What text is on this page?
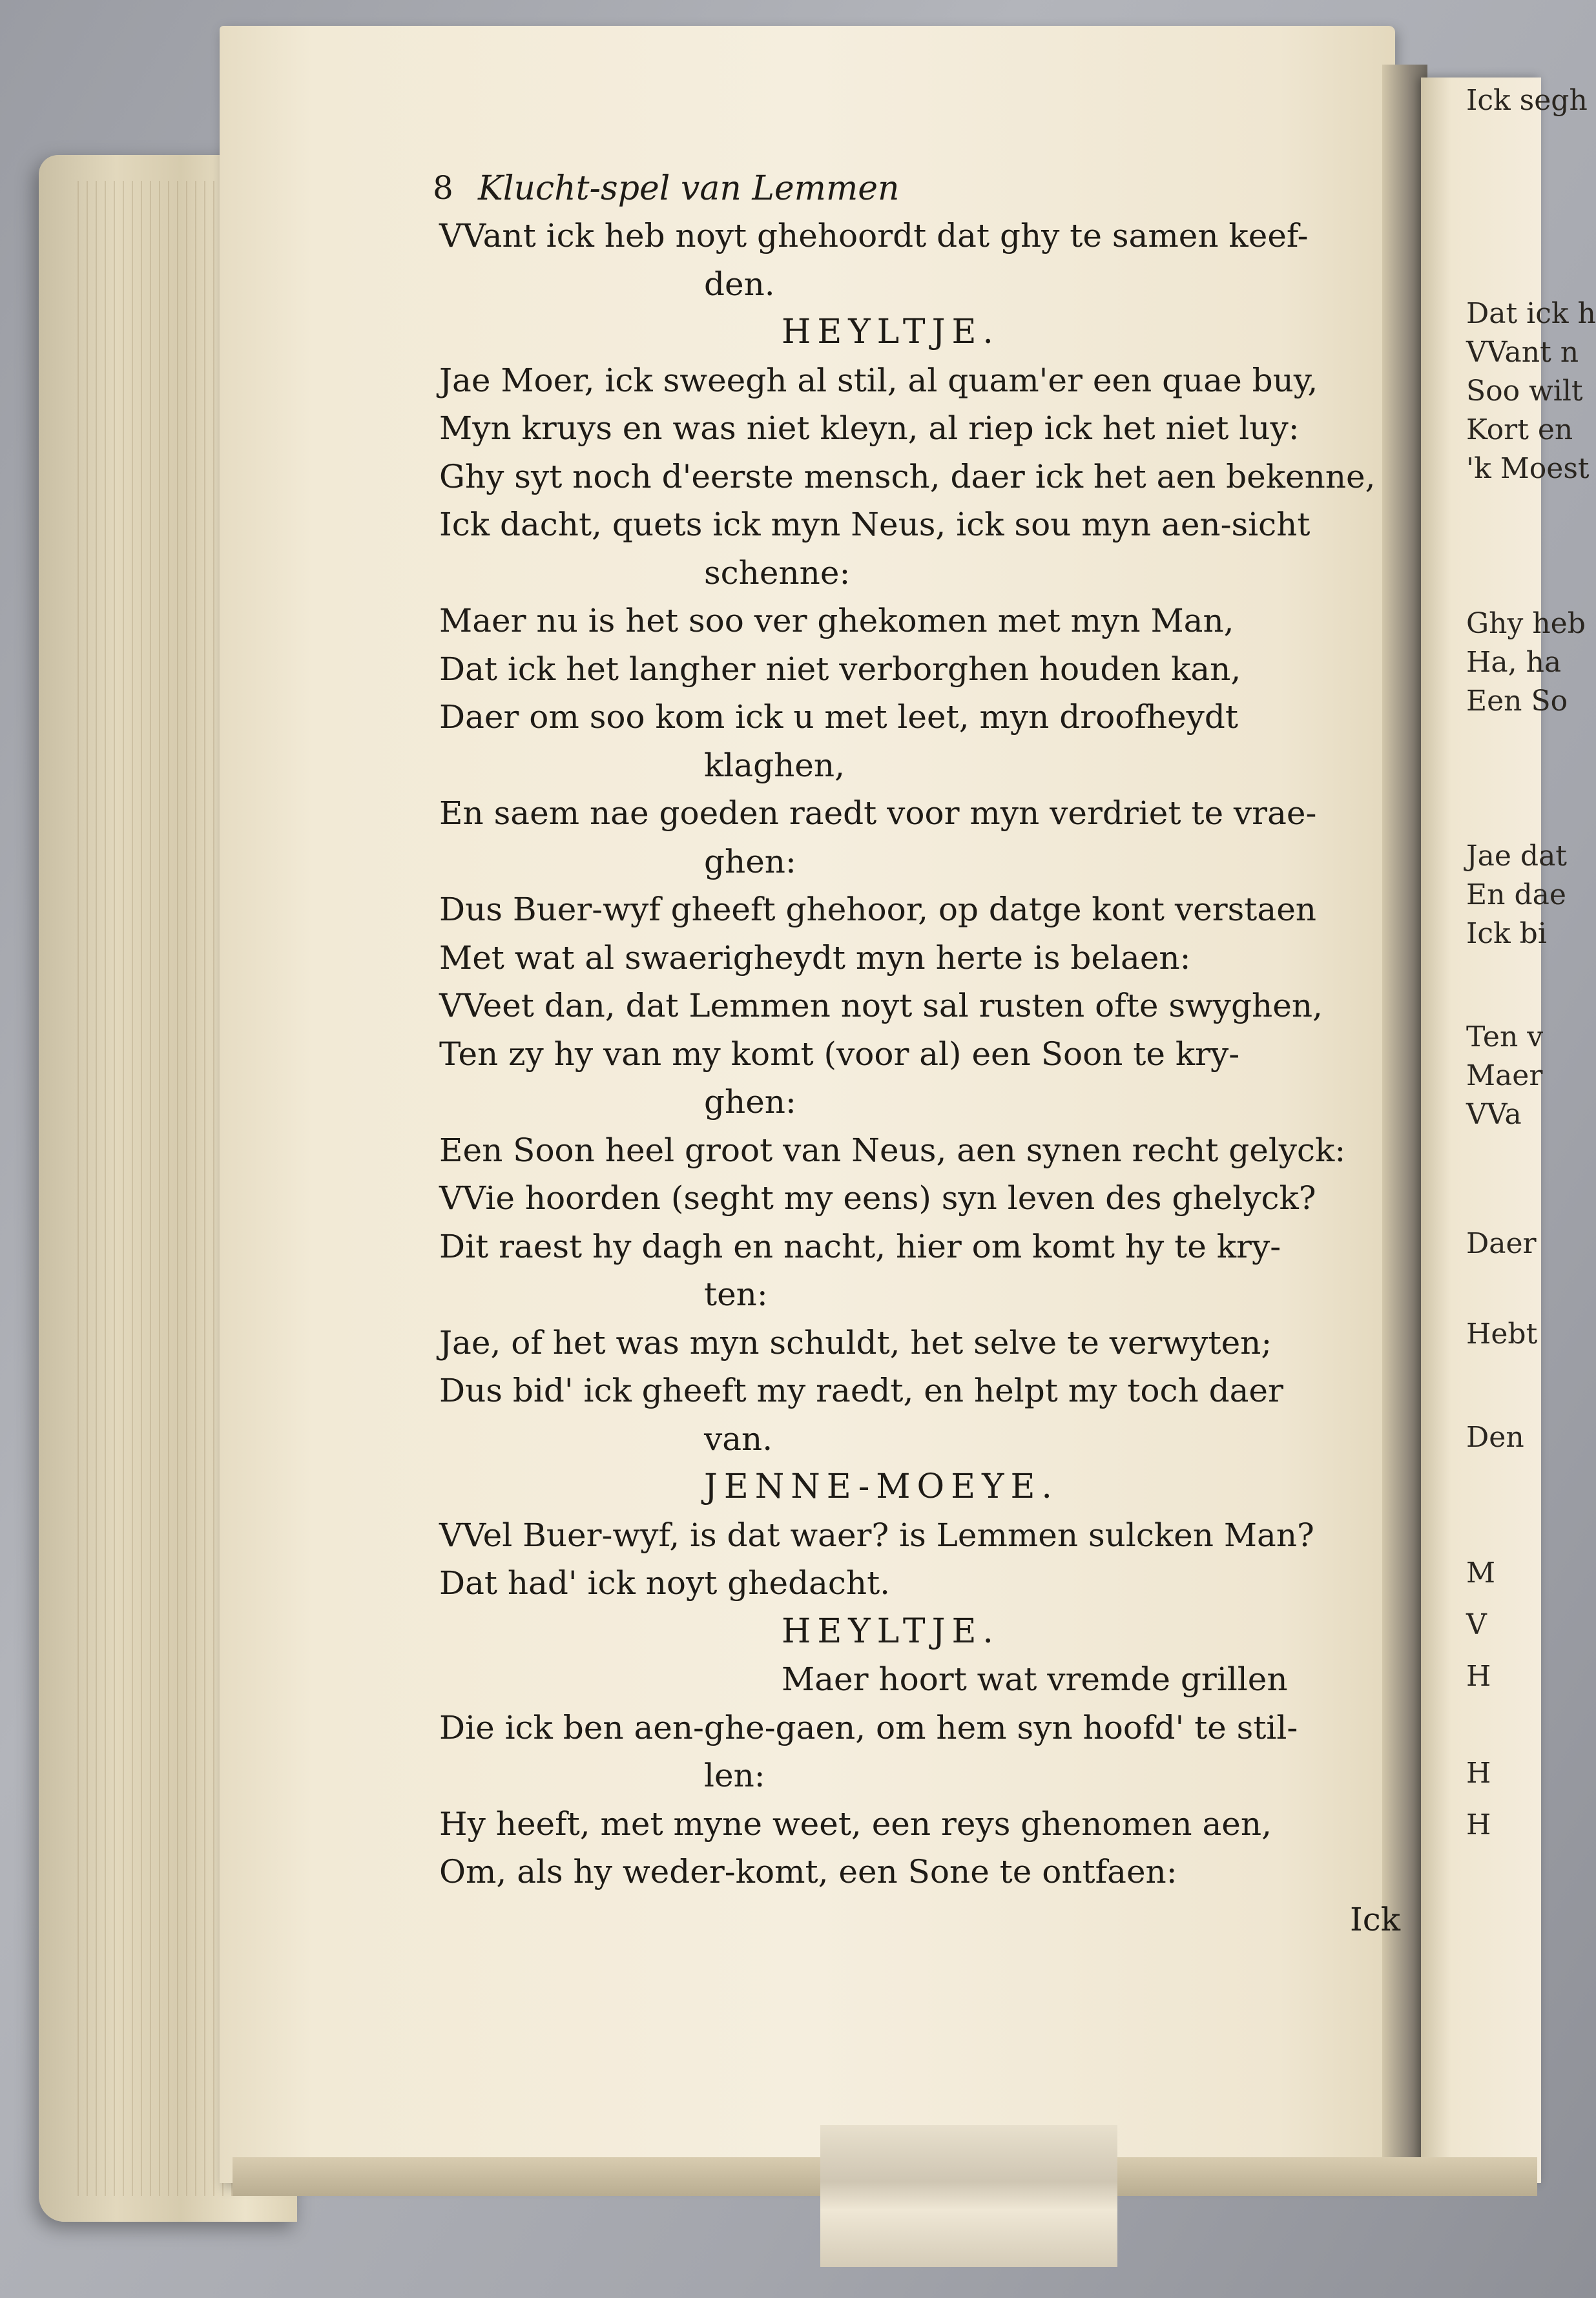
Ick segh
Dat ick h
VVant n
Soo wilt
Kort en
'k Moest
Ghy heb
Ha, ha
Een So
Jae dat
En dae
Ick bi
Ten v
Maer
VVa
Daer
Hebt
Den
M
V
H
H
H
8 Klucht-spel van Lemmen
VVant ick heb noyt ghehoordt dat ghy te samen keef-
den.
HEYLTJE.
Jae Moer, ick sweegh al stil, al quam'er een quae buy,
Myn kruys en was niet kleyn, al riep ick het niet luy:
Ghy syt noch d'eerste mensch, daer ick het aen bekenne,
Ick dacht, quets ick myn Neus, ick sou myn aen-sicht
schenne:
Maer nu is het soo ver ghekomen met myn Man,
Dat ick het langher niet verborghen houden kan,
Daer om soo kom ick u met leet, myn droofheydt
klaghen,
En saem nae goeden raedt voor myn verdriet te vrae-
ghen:
Dus Buer-wyf gheeft ghehoor, op datge kont verstaen
Met wat al swaerigheydt myn herte is belaen:
VVeet dan, dat Lemmen noyt sal rusten ofte swyghen,
Ten zy hy van my komt (voor al) een Soon te kry-
ghen:
Een Soon heel groot van Neus, aen synen recht gelyck:
VVie hoorden (seght my eens) syn leven des ghelyck?
Dit raest hy dagh en nacht, hier om komt hy te kry-
ten:
Jae, of het was myn schuldt, het selve te verwyten;
Dus bid' ick gheeft my raedt, en helpt my toch daer
van.
JENNE-MOEYE.
VVel Buer-wyf, is dat waer? is Lemmen sulcken Man?
Dat had' ick noyt ghedacht.
HEYLTJE.
Maer hoort wat vremde grillen
Die ick ben aen-ghe-gaen, om hem syn hoofd' te stil-
len:
Hy heeft, met myne weet, een reys ghenomen aen,
Om, als hy weder-komt, een Sone te ontfaen:
Ick
